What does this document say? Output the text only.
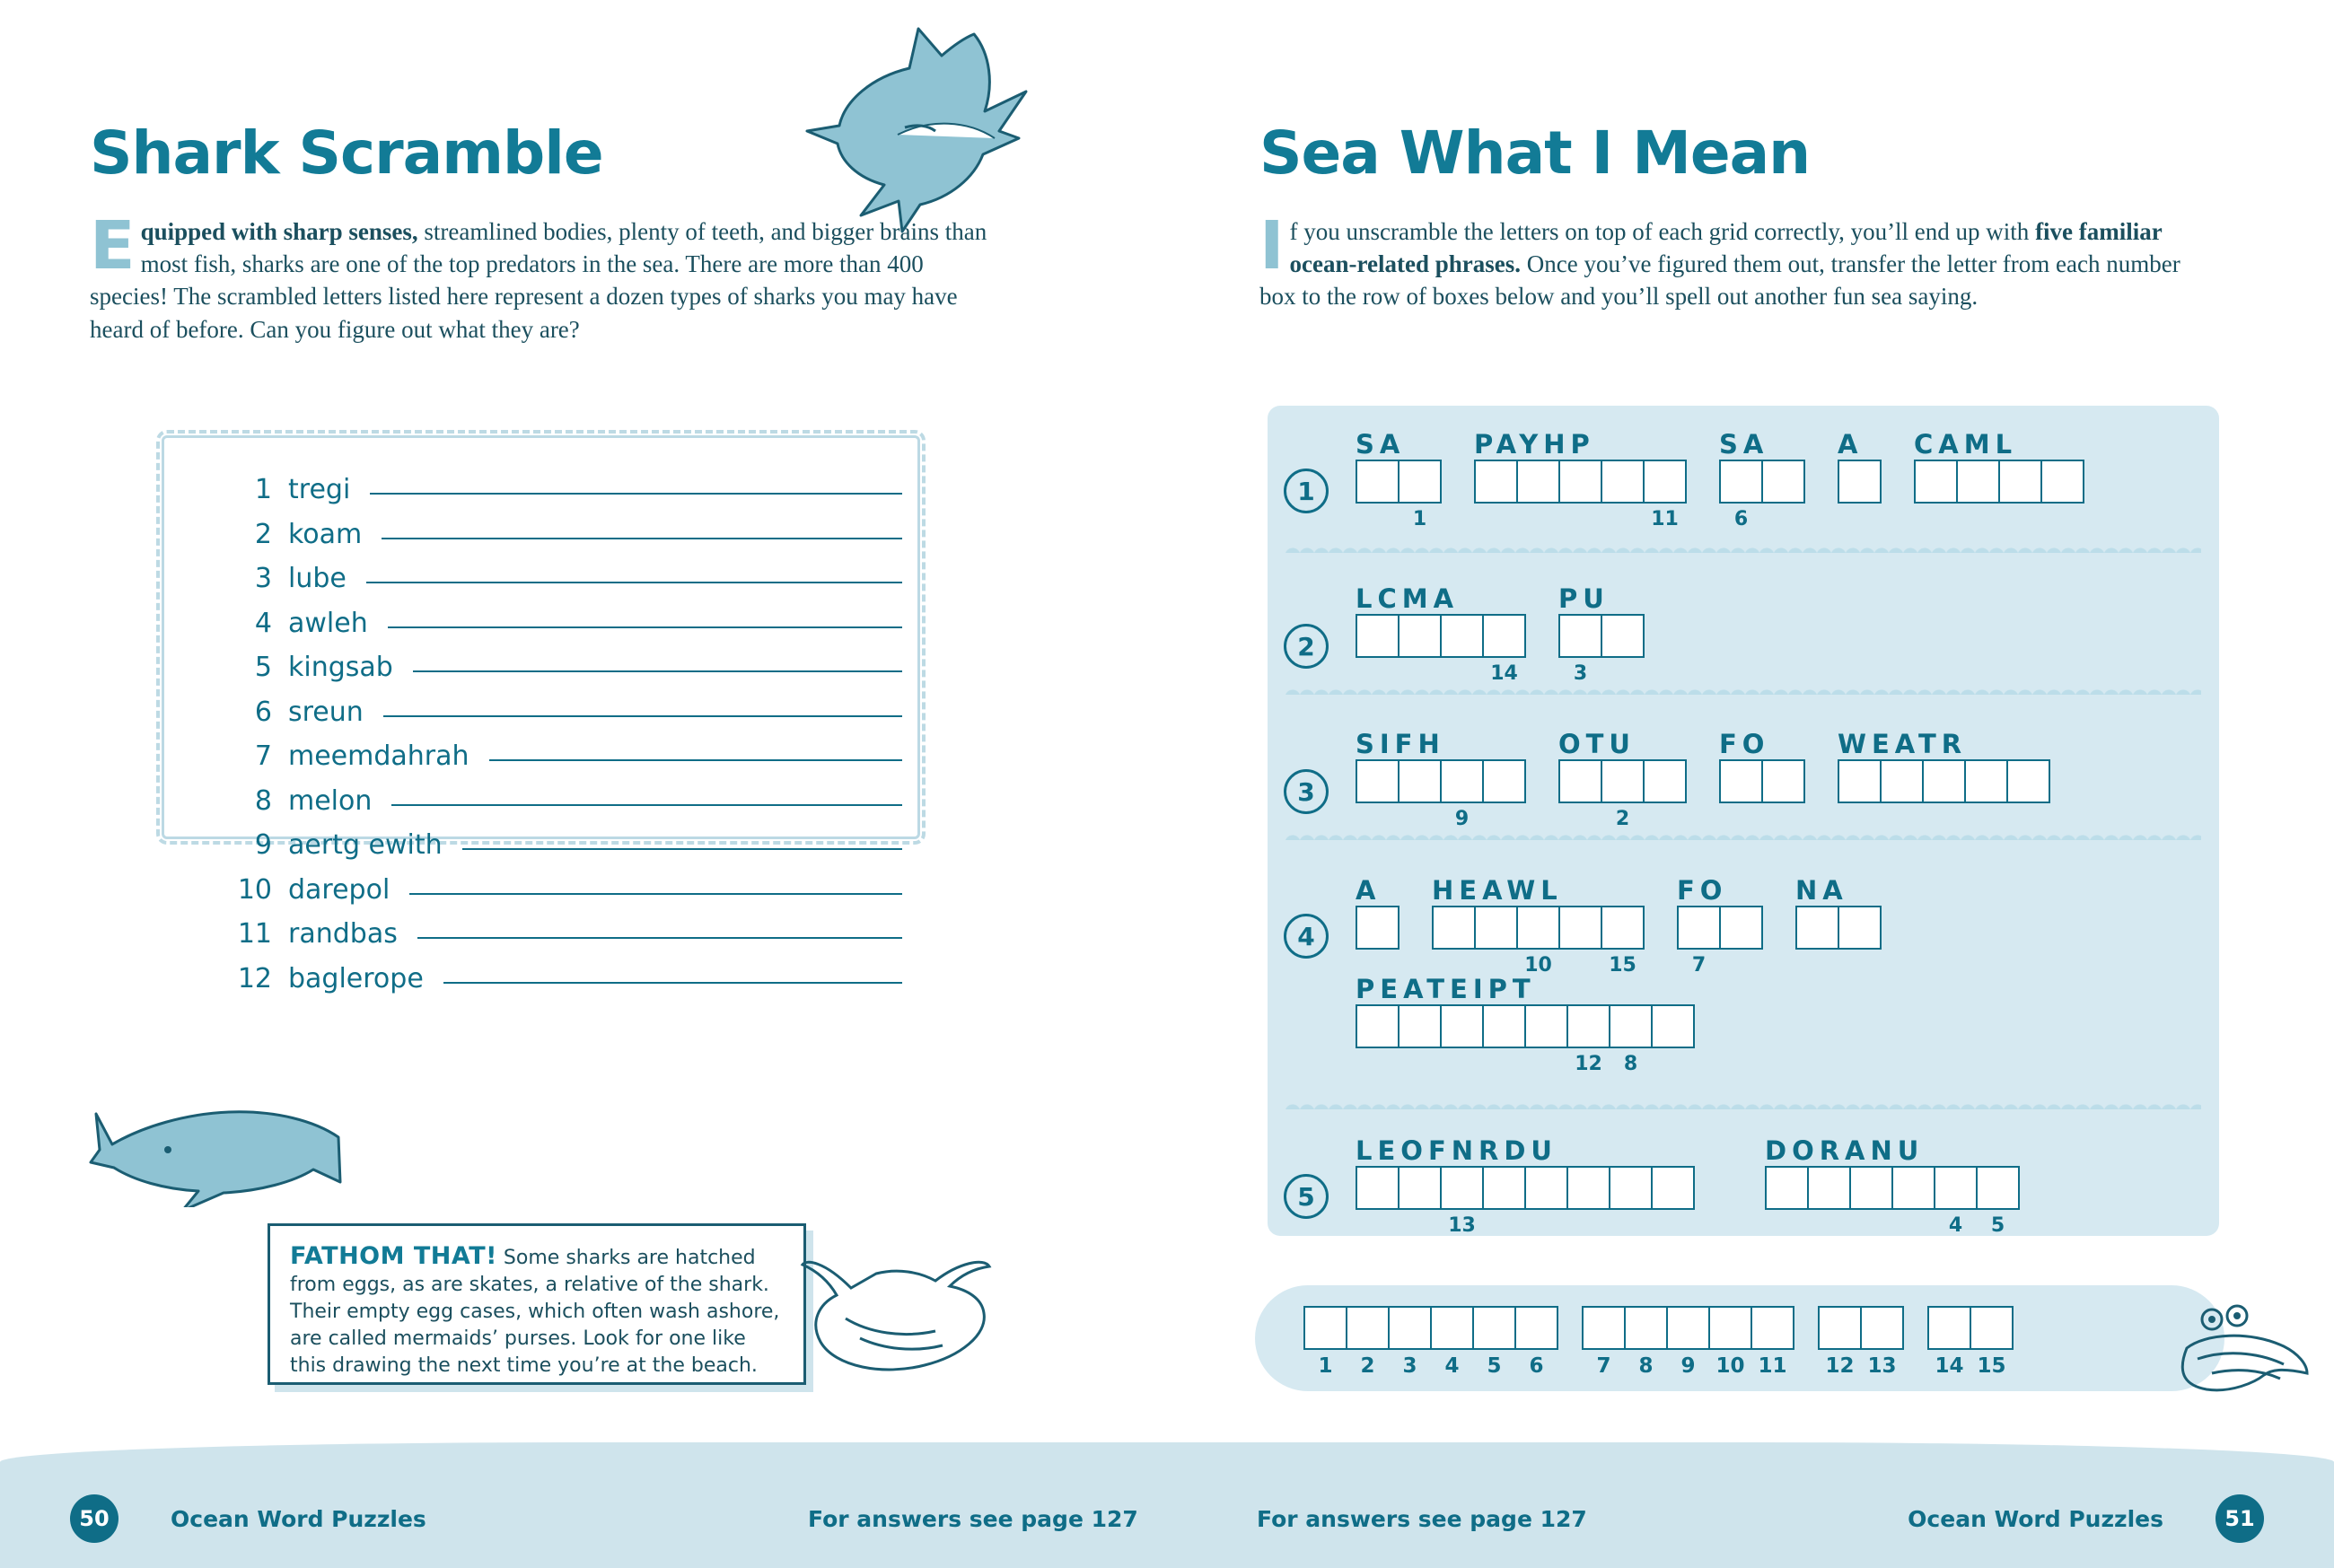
Shark Scramble
Equipped with sharp senses, streamlined bodies, plenty of teeth, and bigger brains than most fish, sharks are one of the top predators in the sea. There are more than 400 species! The scrambled letters listed here represent a dozen types of sharks you may have heard of before. Can you figure out what they are?
1 tregi
2 koam
3 lube
4 awleh
5 kingsab
6 sreun
7 meemdahrah
8 melon
9 aertg ewith
10 darepol
11 randbas
12 baglerope
FATHOM THAT! Some sharks are hatched from eggs, as are skates, a relative of the shark. Their empty egg cases, which often wash ashore, are called mermaids’ purses. Look for one like this drawing the next time you’re at the beach.
Sea What I Mean
If you unscramble the letters on top of each grid correctly, you’ll end up with five familiar ocean-related phrases. Once you’ve figured them out, transfer the letter from each number box to the row of boxes below and you’ll spell out another fun sea saying.
1
SA
1
PAYHP
11
SA
6
A	CAML
2
LCMA
14
PU
3
3
SIFH
9
OTU
2
FO	WEATR
4
A	HEAWL
10	15
FO
7
NA
PEATEIPT
12	8
5
LEOFNRDU
13
DORANU
4	5
1	2	3	4	5	6	7	8	9 10 11 12 13 14 15
50	51
Ocean Word Puzzles	For answers see page 127	For answers see page 127	Ocean Word Puzzles
